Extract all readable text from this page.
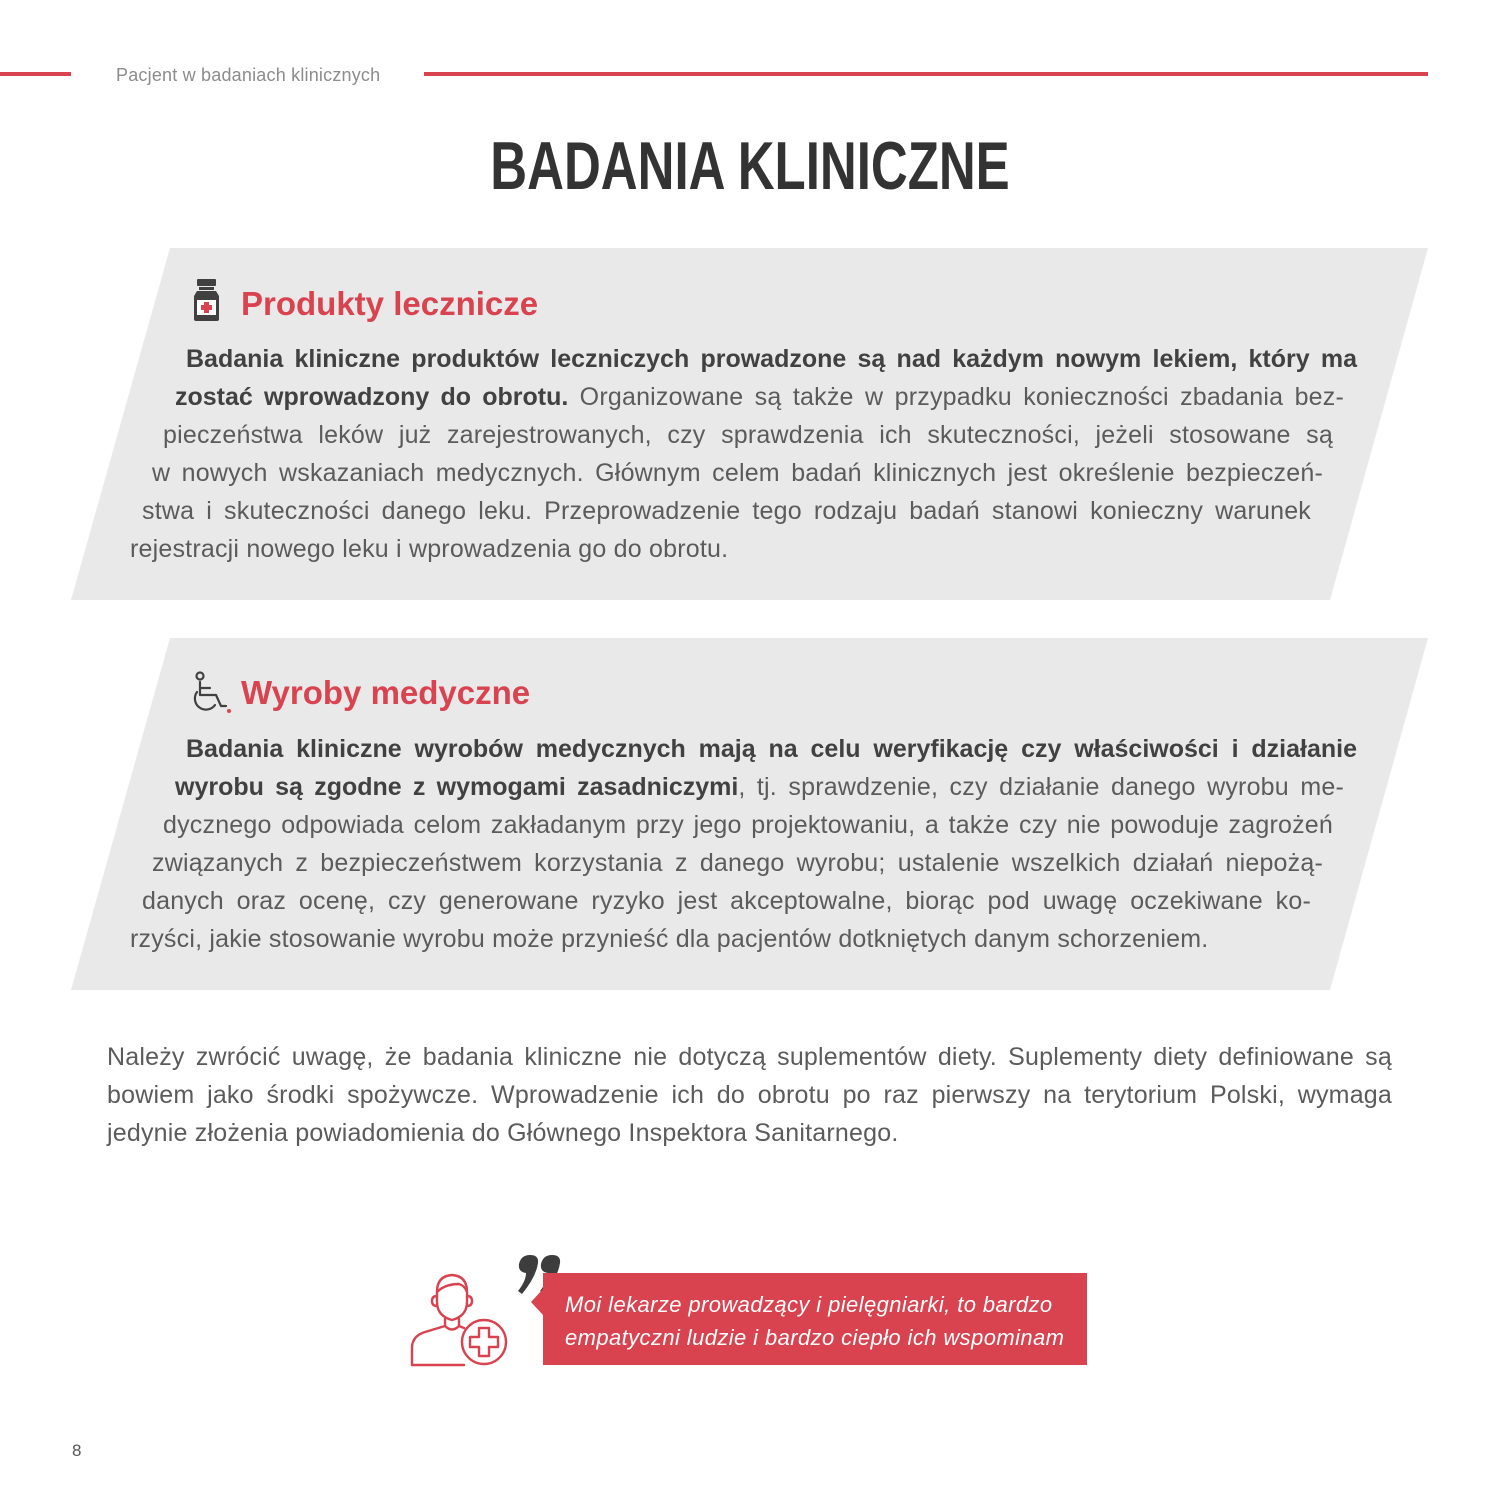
Pacjent w badaniach klinicznych
BADANIA KLINICZNE
Produkty lecznicze

Badania kliniczne produktów leczniczych prowadzone są nad każdym nowym lekiem, który ma

zostać wprowadzony do obrotu. Organizowane są także w przypadku konieczności zbadania bez-

pieczeństwa leków już zarejestrowanych, czy sprawdzenia ich skuteczności, jeżeli stosowane są

w nowych wskazaniach medycznych. Głównym celem badań klinicznych jest określenie bezpieczeń-

stwa i skuteczności danego leku. Przeprowadzenie tego rodzaju badań stanowi konieczny warunek

rejestracji nowego leku i wprowadzenia go do obrotu.

Wyroby medyczne

Badania kliniczne wyrobów medycznych mają na celu weryfikację czy właściwości i działanie

wyrobu są zgodne z wymogami zasadniczymi, tj. sprawdzenie, czy działanie danego wyrobu me-

dycznego odpowiada celom zakładanym przy jego projektowaniu, a także czy nie powoduje zagrożeń

związanych z bezpieczeństwem korzystania z danego wyrobu; ustalenie wszelkich działań niepożą-

danych oraz ocenę, czy generowane ryzyko jest akceptowalne, biorąc pod uwagę oczekiwane ko-

rzyści, jakie stosowanie wyrobu może przynieść dla pacjentów dotkniętych danym schorzeniem.

Należy zwrócić uwagę, że badania kliniczne nie dotyczą suplementów diety. Suplementy diety definiowane są

bowiem jako środki spożywcze. Wprowadzenie ich do obrotu po raz pierwszy na terytorium Polski, wymaga

jedynie złożenia powiadomienia do Głównego Inspektora Sanitarnego.

Moi lekarze prowadzący i pielęgniarki, to bardzo

empatyczni ludzie i bardzo ciepło ich wspominam

8
